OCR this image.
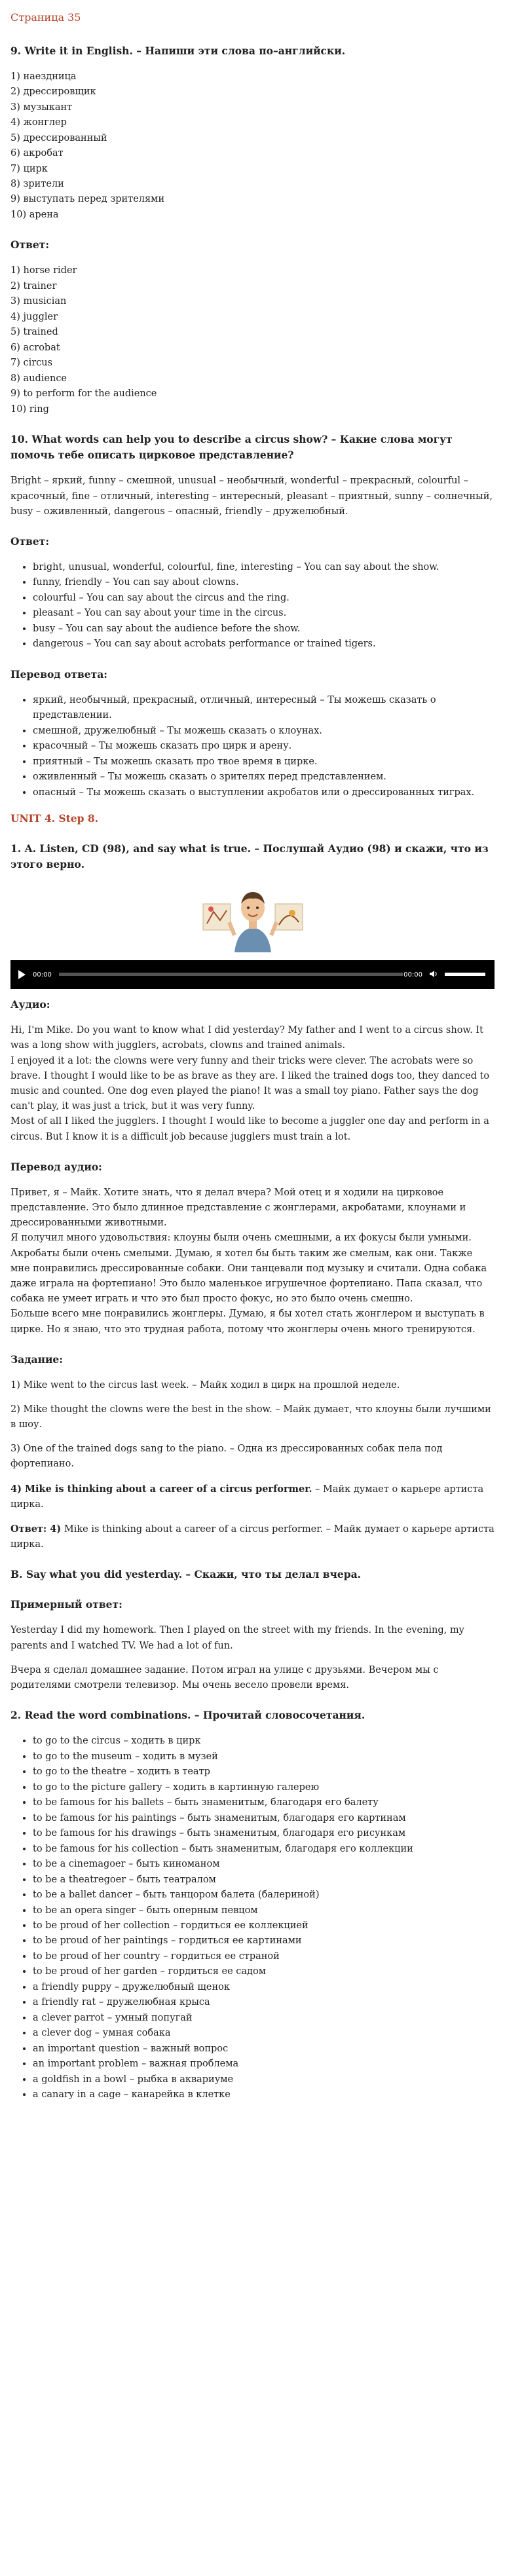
Страница 35
9. Write it in English. – Напиши эти слова по–английски.
1) наездница
2) дрессировщик
3) музыкант
4) жонглер
5) дрессированный
6) акробат
7) цирк
8) зрители
9) выступать перед зрителями
10) арена
Ответ:
1) horse rider
2) trainer
3) musician
4) juggler
5) trained
6) acrobat
7) circus
8) audience
9) to perform for the audience
10) ring
10. What words can help you to describe a circus show? – Какие слова могут помочь тебе описать цирковое представление?

Bright – яркий, funny – смешной, unusual – необычный, wonderful – прекрасный, colourful – красочный, fine – отличный, interesting – интересный, pleasant – приятный, sunny – солнечный, busy – оживленный, dangerous – опасный, friendly – дружелюбный.

Ответ:
• bright, unusual, wonderful, colourful, fine, interesting – You can say about the show.
• funny, friendly – You can say about clowns.
• colourful – You can say about the circus and the ring.
• pleasant – You can say about your time in the circus.
• busy – You can say about the audience before the show.
• dangerous – You can say about acrobats performance or trained tigers.
Перевод ответа:
• яркий, необычный, прекрасный, отличный, интересный – Ты можешь сказать о представлении.
• смешной, дружелюбный – Ты можешь сказать о клоунах.
• красочный – Ты можешь сказать про цирк и арену.
• приятный – Ты можешь сказать про твое время в цирке.
• оживленный – Ты можешь сказать о зрителях перед представлением.
• опасный – Ты можешь сказать о выступлении акробатов или о дрессированных тиграх.
UNIT 4. Step 8.
1. A. Listen, CD (98), and say what is true. – Послушай Аудио (98) и скажи, что из этого верно.
00:00	00:00
Аудио:

Hi, I'm Mike. Do you want to know what I did yesterday? My father and I went to a circus show. It was a long show with jugglers, acrobats, clowns and trained animals.
I enjoyed it a lot: the clowns were very funny and their tricks were clever. The acrobats were so brave. I thought I would like to be as brave as they are. I liked the trained dogs too, they danced to music and counted. One dog even played the piano! It was a small toy piano. Father says the dog can't play, it was just a trick, but it was very funny.
Most of all I liked the jugglers. I thought I would like to become a juggler one day and perform in a circus. But I know it is a difficult job because jugglers must train a lot.

Перевод аудио:

Привет, я – Майк. Хотите знать, что я делал вчера? Мой отец и я ходили на цирковое представление. Это было длинное представление с жонглерами, акробатами, клоунами и дрессированными животными.
Я получил много удовольствия: клоуны были очень смешными, а их фокусы были умными. Акробаты были очень смелыми. Думаю, я хотел бы быть таким же смелым, как они. Также мне понравились дрессированные собаки. Они танцевали под музыку и считали. Одна собака даже играла на фортепиано! Это было маленькое игрушечное фортепиано. Папа сказал, что собака не умеет играть и что это был просто фокус, но это было очень смешно.
Больше всего мне понравились жонглеры. Думаю, я бы хотел стать жонглером и выступать в цирке. Но я знаю, что это трудная работа, потому что жонглеры очень много тренируются.

Задание:

1) Mike went to the circus last week. – Майк ходил в цирк на прошлой неделе.

2) Mike thought the clowns were the best in the show. – Майк думает, что клоуны были лучшими в шоу.

3) One of the trained dogs sang to the piano. – Одна из дрессированных собак пела под фортепиано.

4) Mike is thinking about a career of a circus performer. – Майк думает о карьере артиста цирка.

Ответ: 4) Mike is thinking about a career of a circus performer. – Майк думает о карьере артиста цирка.

B. Say what you did yesterday. – Скажи, что ты делал вчера.
Примерный ответ:

Yesterday I did my homework. Then I played on the street with my friends. In the evening, my parents and I watched TV. We had a lot of fun.

Вчера я сделал домашнее задание. Потом играл на улице с друзьями. Вечером мы с родителями смотрели телевизор. Мы очень весело провели время.

2. Read the word combinations. – Прочитай словосочетания.
• to go to the circus – ходить в цирк
• to go to the museum – ходить в музей
• to go to the theatre – ходить в театр
• to go to the picture gallery – ходить в картинную галерею
• to be famous for his ballets – быть знаменитым, благодаря его балету
• to be famous for his paintings – быть знаменитым, благодаря его картинам
• to be famous for his drawings – быть знаменитым, благодаря его рисункам
• to be famous for his collection – быть знаменитым, благодаря его коллекции
• to be a cinemagoer – быть киноманом
• to be a theatregoer – быть театралом
• to be a ballet dancer – быть танцором балета (балериной)
• to be an opera singer – быть оперным певцом
• to be proud of her collection – гордиться ее коллекцией
• to be proud of her paintings – гордиться ее картинами
• to be proud of her country – гордиться ее страной
• to be proud of her garden – гордиться ее садом
• a friendly puppy – дружелюбный щенок
• a friendly rat – дружелюбная крыса
• a clever parrot – умный попугай
• a clever dog – умная собака
• an important question – важный вопрос
• an important problem – важная проблема
• a goldfish in a bowl – рыбка в аквариуме
• a canary in a cage – канарейка в клетке
